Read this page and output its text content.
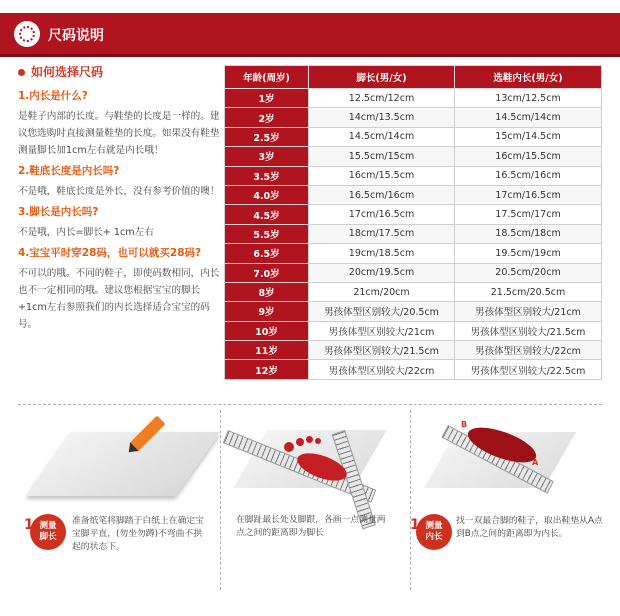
尺码说明
如何选择尺码
1.内长是什么?
是鞋子内部的长度。与鞋垫的长度是一样的。建议您选购时直接测量鞋垫的长度。如果没有鞋垫测量脚长加1cm左右就是内长哦！
2.鞋底长度是内长吗?
不是哦，鞋底长度是外长，没有参考价值的噢！
3.脚长是内长吗?
不是哦，内长=脚长+ 1cm左右
4.宝宝平时穿28码，也可以就买28码?
不可以的哦。不同的鞋子，即使码数相同，内长也不一定相同的哦。建议您根据宝宝的脚长+1cm左右参照我们的内长选择适合宝宝的码号。
年龄(周岁)	脚长(男/女)	选鞋内长(男/女)
1岁	12.5cm/12cm	13cm/12.5cm
2岁	14cm/13.5cm	14.5cm/14cm
2.5岁	14.5cm/14cm	15cm/14.5cm
3岁	15.5cm/15cm	16cm/15.5cm
3.5岁	16cm/15.5cm	16.5cm/16cm
4.0岁	16.5cm/16cm	17cm/16.5cm
4.5岁	17cm/16.5cm	17.5cm/17cm
5.5岁	18cm/17.5cm	18.5cm/18cm
6.5岁	19cm/18.5cm	19.5cm/19cm
7.0岁	20cm/19.5cm	20.5cm/20cm
8岁	21cm/20cm	21.5cm/20.5cm
9岁	男孩体型区别较大/20.5cm	男孩体型区别较大/21cm
10岁	男孩体型区别较大/21cm	男孩体型区别较大/21.5cm
11岁	男孩体型区别较大/21.5cm	男孩体型区别较大/22cm
12岁	男孩体型区别较大/22cm	男孩体型区别较大/22.5cm
1 测量
脚长
准备纸笔将脚踏于白纸上在确定宝宝脚平直，(勿坐勿蹲)不弯曲不拱起的状态下。
在脚趾最长处及脚跟，各画一点测量两点之间的距离即为脚长
B
A
1 测量
内长
找一双最合脚的鞋子，取出鞋垫从A点到B点之间的距离即为内长。
